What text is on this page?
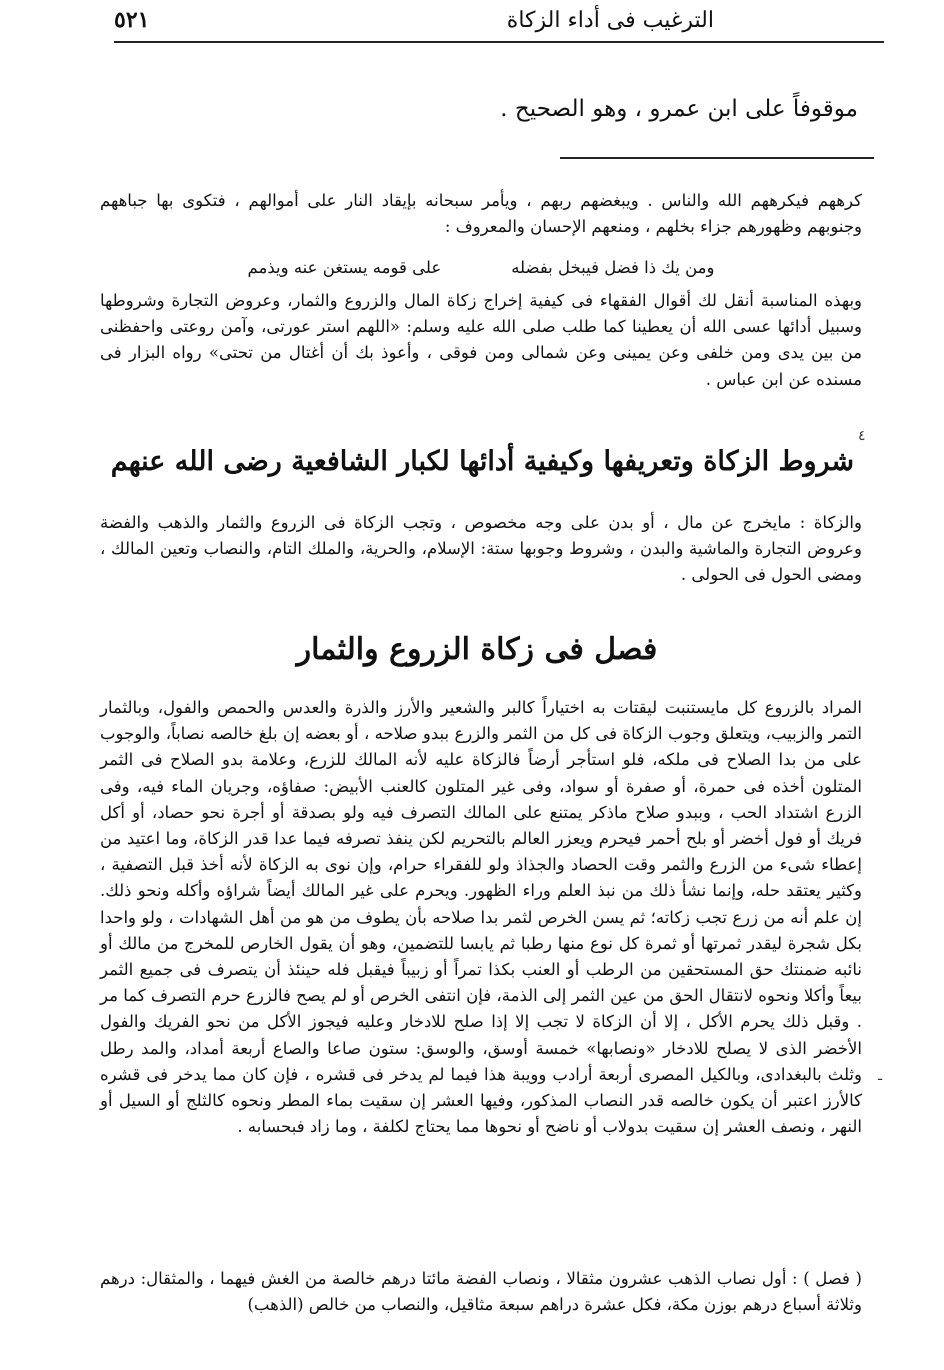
٥٢١	الترغيب فى أداء الزكاة
موقوفاً على ابن عمرو ، وهو الصحيح .
كرههم فيكرههم الله والناس . ويبغضهم ربهم ، ويأمر سبحانه بإيقاد النار على أموالهم ، فتكوى بها جباههم وجنوبهم وظهورهم جزاء بخلهم ، ومنعهم الإحسان والمعروف :
ومن يك ذا فضل فيبخل بفضله
على قومه يستغن عنه ويذمم
وبهذه المناسبة أنقل لك أقوال الفقهاء فى كيفية إخراج زكاة المال والزروع والثمار، وعروض التجارة وشروطها وسبيل أدائها عسى الله أن يعطينا كما طلب صلى الله عليه وسلم: «اللهم استر عورتى، وآمن روعتى واحفظنى من بين يدى ومن خلفى وعن يمينى وعن شمالى ومن فوقى ، وأعوذ بك أن أغتال من تحتى» رواه البزار فى مسنده عن ابن عباس .
شروط الزكاة وتعريفها وكيفية أدائها لكبار الشافعية رضى الله عنهم
٤
والزكاة : مايخرج عن مال ، أو بدن على وجه مخصوص ، وتجب الزكاة فى الزروع والثمار والذهب والفضة وعروض التجارة والماشية والبدن ، وشروط وجوبها ستة: الإسلام، والحرية، والملك التام، والنصاب وتعين المالك ، ومضى الحول فى الحولى .
فصل فى زكاة الزروع والثمار
المراد بالزروع كل مايستنبت ليقتات به اختياراً كالبر والشعير والأرز والذرة والعدس والحمص والفول، وبالثمار التمر والزبيب، ويتعلق وجوب الزكاة فى كل من الثمر والزرع ببدو صلاحه ، أو بعضه إن بلغ خالصه نصاباً، والوجوب على من بدا الصلاح فى ملكه، فلو استأجر أرضاً فالزكاة عليه لأنه المالك للزرع، وعلامة بدو الصلاح فى الثمر المتلون أخذه فى حمرة، أو صفرة أو سواد، وفى غير المتلون كالعنب الأبيض: صفاؤه، وجريان الماء فيه، وفى الزرع اشتداد الحب ، وببدو صلاح ماذكر يمتنع على المالك التصرف فيه ولو بصدقة أو أجرة نحو حصاد، أو أكل فريك أو فول أخضر أو بلح أحمر فيحرم ويعزر العالم بالتحريم لكن ينفذ تصرفه فيما عدا قدر الزكاة، وما اعتيد من إعطاء شىء من الزرع والثمر وقت الحصاد والجذاذ ولو للفقراء حرام، وإن نوى به الزكاة لأنه أخذ قبل التصفية ، وكثير يعتقد حله، وإنما نشأ ذلك من نبذ العلم وراء الظهور. ويحرم على غير المالك أيضاً شراؤه وأكله ونحو ذلك. إن علم أنه من زرع تجب زكاته؛ ثم يسن الخرص لثمر بدا صلاحه بأن يطوف من هو من أهل الشهادات ، ولو واحدا بكل شجرة ليقدر ثمرتها أو ثمرة كل نوع منها رطبا ثم يابسا للتضمين، وهو أن يقول الخارص للمخرج من مالك أو نائبه ضمنتك حق المستحقين من الرطب أو العنب بكذا تمراً أو زبيباً فيقبل فله حينئذ أن يتصرف فى جميع الثمر بيعاً وأكلا ونحوه لانتقال الحق من عين الثمر إلى الذمة، فإن انتفى الخرص أو لم يصح فالزرع حرم التصرف كما مر . وقبل ذلك يحرم الأكل ، إلا أن الزكاة لا تجب إلا إذا صلح للادخار وعليه فيجوز الأكل من نحو الفريك والفول الأخضر الذى لا يصلح للادخار «ونصابها» خمسة أوسق، والوسق: ستون صاعا والصاع أربعة أمداد، والمد رطل وثلث بالبغدادى، وبالكيل المصرى أربعة أرادب وويبة هذا فيما لم يدخر فى قشره ، فإن كان مما يدخر فى قشره كالأرز اعتبر أن يكون خالصه قدر النصاب المذكور، وفيها العشر إن سقيت بماء المطر ونحوه كالثلج أو السيل أو النهر ، ونصف العشر إن سقيت بدولاب أو ناضح أو نحوها مما يحتاج لكلفة ، وما زاد فبحسابه .
ـ
( فصل ) : أول نصاب الذهب عشرون مثقالا ، ونصاب الفضة مائتا درهم خالصة من الغش فيهما ، والمثقال: درهم وثلاثة أسباع درهم بوزن مكة، فكل عشرة دراهم سبعة مثاقيل، والنصاب من خالص (الذهب)
